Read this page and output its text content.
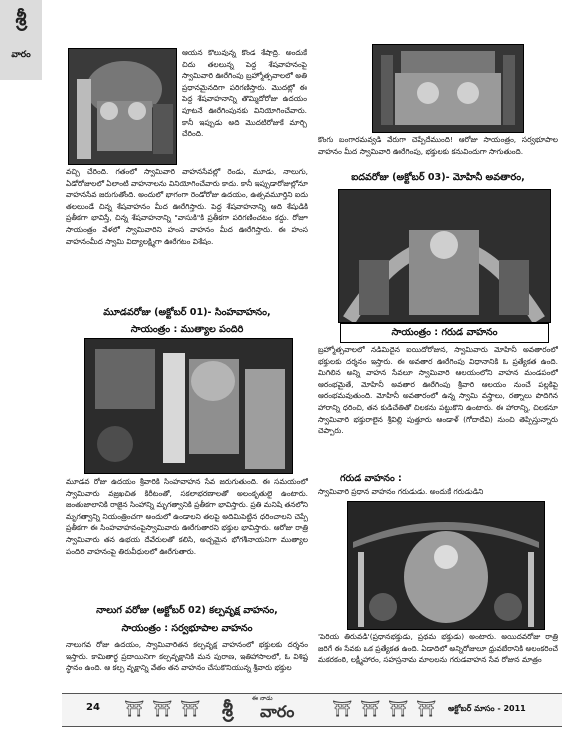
శ్రీ
వారం	ఆయన కొలువున్న కొండ శేషాద్రి. అందుకే చిదు తలలున్న పెద్ద శేషవాహనంపై స్వామివారి ఊరేగింపు బ్రహ్మోత్సవాలలో అతి ప్రధానమైనదిగా పరిగణిస్తారు. మొదట్లో ఈ పెద్ద శేషవాహనాన్ని తొమ్మిదోరోజు ఉదయం పూటనే ఊరేగింపునకు వినియోగించేవారు. కానీ ఇప్పుడు అది మొదటిరోజుకే మార్చి చేరింది.

వచ్చి చేరింది. గతంలో స్వామివారి వాహనసేవల్లో రెండు, మూడు, నాలుగు, ఏడోరోజులలో ఏలాంటి వాహనాలను వినియోగించేవారు కాదు. కానీ ఇప్పుడారోజుల్లోనూ వాహనసేవ జరుగుతోంది. అందులో భాగంగా రెండోరోజు ఉదయం, ఉత్సవమూర్తిని ఐదు తలలుండే చిన్న శేషవాహనం మీద ఊరేగిస్తారు. పెద్ద శేషవాహనాన్ని ఆది శేషుడికి ప్రతీకగా భావిస్తే, చిన్న శేషవాహనాన్ని "వాసుకి"కి ప్రతీకగా పరిగణించటం కద్దు. రోజూ సాయంత్రం వేళలో స్వామివారిని హంస వాహనం మీద ఊరేగిస్తారు. ఈ హంస వాహనంమీద స్వామి విద్యాలక్ష్మిగా ఊరేగటం విశేషం.

మూడవరోజు (అక్టోబర్ 01)- సింహవాహనం,
సాయంత్రం : ముత్యాల పందిరి

మూడవ రోజు ఉదయం శ్రీవారికి సింహవాహన సేవ జరుగుతుంది. ఈ సమయంలో స్వామివారు వజ్రఖచిత కిరీటంతో, సకలాభరణాలతో అలంకృతులై ఉంటారు. జంతుజాలానికి రాజైన సింహాన్ని మృగత్వానికి ప్రతీకగా భావిస్తారు. ప్రతి మనిషి తనలోని మృగత్వాన్ని నియంత్రించగా అందులో ఉండాలని తలపై అదిమిపెట్టిన ధరించాలని చెప్పే ప్రతీకగా ఈ సింహవాహనంపైస్వామివారు ఊరేగుతారని భక్తుల భావిస్తారు. ఆరోజు రాత్రి స్వామివారు తన ఉభయ దేవేరులతో కలిసి, అచ్చమైన భోగశీనాయనిగా ముత్యాల పందిరి వాహనంపై తిరువీధులలో ఊరేగుతారు.

నాలుగ వరోజు (అక్టోబర్ 02) కల్పవృక్ష వాహనం,
సాయంత్రం : సర్వభూపాల వాహనం

నాలుగవ రోజు ఉదయం, స్వామివారితన కల్పవృక్ష వాహనంలో భక్తులకు దర్శనం ఇస్తారు. కామితార్థ ప్రదాయినిగా కల్పవృక్షానికి మన పురాణ, ఇతిహాసాలలో, ఓ విశిష్ట స్థానం ఉంది. ఆ కల్ప వృక్షాన్ని వేతం తన వాహనం చేసుకొనియున్న శ్రీవారు భక్తుల

కొంగు బంగారమవ్వడి వేరుగా చెప్పేదేముంది! ఆరోజు సాయంత్రం, సర్వభూపాల వాహనం మీద స్వామివారి ఊరేగింపు, భక్తులకు కనువిందుగా సాగుతుంది.

ఐదవరోజు (అక్టోబర్ 03)- మోహినీ అవతారం,
సాయంత్రం : గరుడ వాహనం

బ్రహ్మోత్సవాలలో నడిమిదైన ఐయిదోరోజున, స్వామివారు మోహినీ అవతారంలో భక్తులకు దర్శనం ఇస్తారు. ఈ అవతార ఊరేగింపు విధానానికి ఓ ప్రత్యేకత ఉంది. మిగిలిన అన్ని వాహన సేవలూ స్వామివారి ఆలయంలోని వాహన మండపంలో ఆరంభమైతే, మోహినీ అవతార ఊరేగింపు శ్రీవారి ఆలయం నుంచే పల్లకిపై ఆరంభమవుతుంది. మోహినీ అవతారంలో ఉన్న స్వామి వస్త్రాలు, రత్నాలు పొదిగిన హారాన్ని ధరించి, తన కుడిచేతితో చిలకను పట్టుకొని ఉంటారు. ఈ హారాన్ని, చిలకనూ స్వామివారి భక్తురాలైన శ్రీవిల్లి పుత్తూరు ఆండాళ్ (గోదాదేవి) నుంచి తెప్పిస్తున్నారు చెప్పారు.

గరుడ వాహనం :

స్వామివారి ప్రధాన వాహనం గరుడుడు. అందుకే గరుడుడిని

'పెరియ తిరువడి'(ప్రధానభక్తుడు, ప్రథమ భక్తుడు) అంటారు. అయిదవరోజు రాత్రి జరిగే ఈ సేవకు ఒక ప్రత్యేకత ఉంది. ఏడాదిలో అన్నిరోజులూ ధ్రువబేరానికి అలంకరించే మకరకంఠి, లక్ష్మీహారం, సహస్రనామ మాలలను గరుడవాహన సేవ రోజున మాత్రం

24 ⛩ ⛩ ⛩
ఈ నాడు
శ్రీ వారం ⛩ ⛩ ⛩ ⛩ అక్టోబర్ మాసం - 2011
